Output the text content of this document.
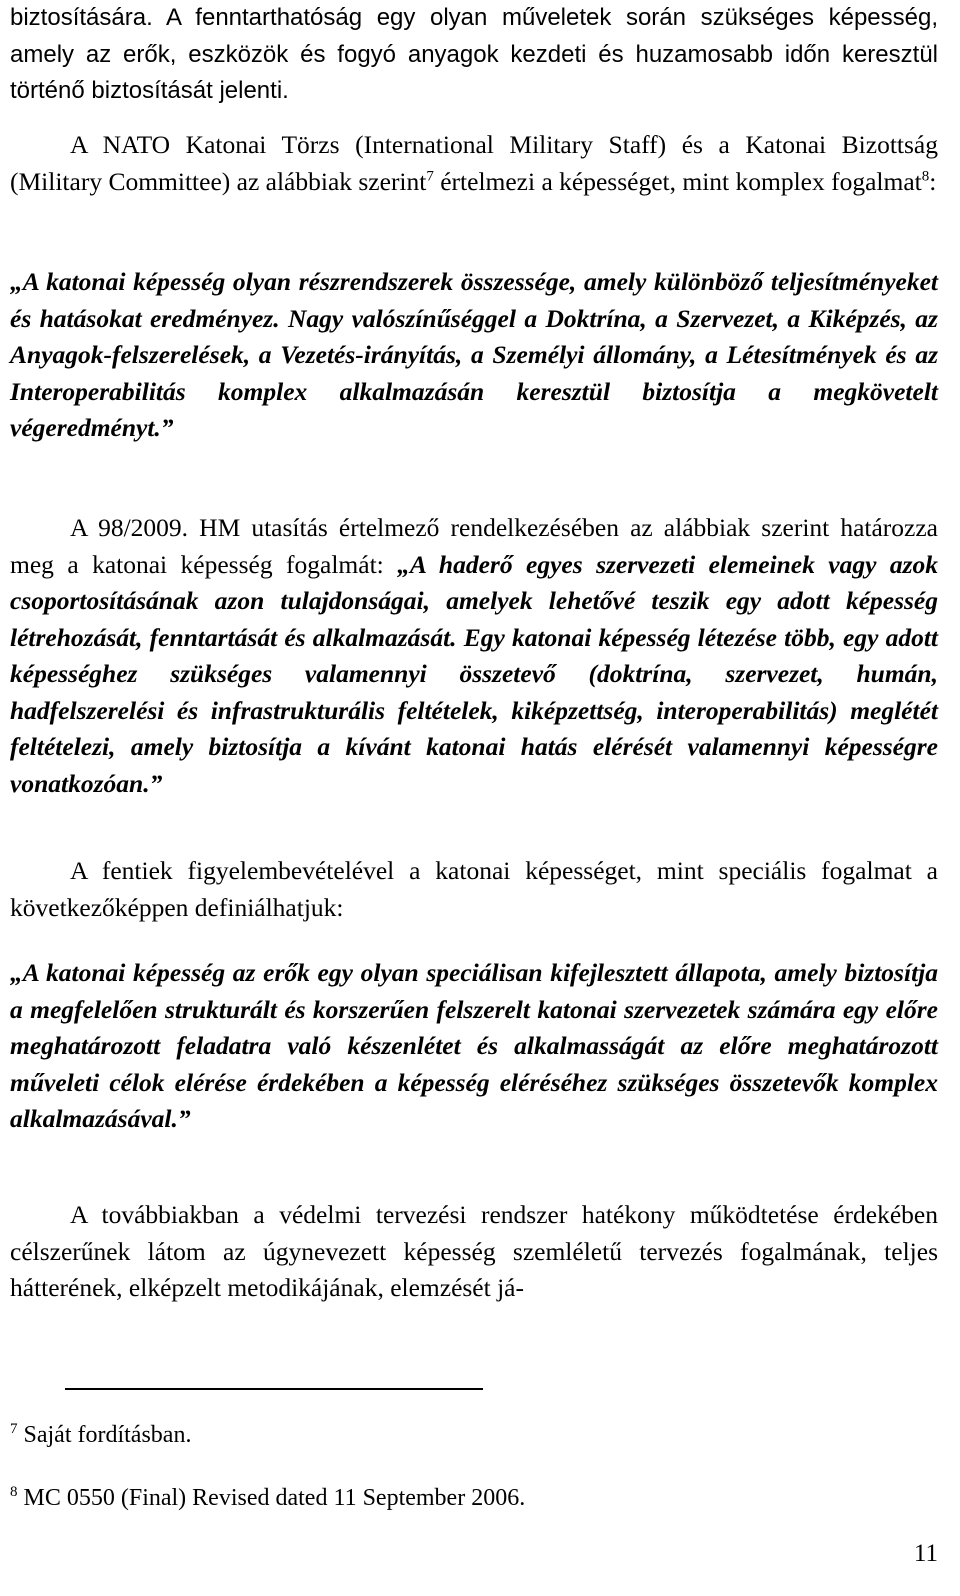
biztosítására. A fenntarthatóság egy olyan műveletek során szükséges képesség, amely az erők, eszközök és fogyó anyagok kezdeti és huzamosabb időn keresztül történő biztosítását jelenti.

A NATO Katonai Törzs (International Military Staff) és a Katonai Bizottság (Military Committee) az alábbiak szerint$^7$ értelmezi a képességet, mint komplex fogalmat$^8$:

„A katonai képesség olyan részrendszerek összessége, amely különböző teljesítményeket és hatásokat eredményez. Nagy valószínűséggel a Doktrína, a Szervezet, a Kiképzés, az Anyagok-felszerelések, a Vezetés-irányítás, a Személyi állomány, a Létesítmények és az Interoperabilitás komplex alkalmazásán keresztül biztosítja a megkövetelt végeredményt.”

A 98/2009. HM utasítás értelmező rendelkezésében az alábbiak szerint határozza meg a katonai képesség fogalmát: „A haderő egyes szervezeti elemeinek vagy azok csoportosításának azon tulajdonságai, amelyek lehetővé teszik egy adott képesség létrehozását, fenntartását és alkalmazását. Egy katonai képesség létezése több, egy adott képességhez szükséges valamennyi összetevő (doktrína, szervezet, humán, hadfelszerelési és infrastrukturális feltételek, kiképzettség, interoperabilitás) meglétét feltételezi, amely biztosítja a kívánt katonai hatás elérését valamennyi képességre vonatkozóan.”

A fentiek figyelembevételével a katonai képességet, mint speciális fogalmat a következőképpen definiálhatjuk:

„A katonai képesség az erők egy olyan speciálisan kifejlesztett állapota, amely biztosítja a megfelelően strukturált és korszerűen felszerelt katonai szervezetek számára egy előre meghatározott feladatra való készenlétet és alkalmasságát az előre meghatározott műveleti célok elérése érdekében a képesség eléréséhez szükséges összetevők komplex alkalmazásával.”

A továbbiakban a védelmi tervezési rendszer hatékony működtetése érdekében célszerűnek látom az úgynevezett képesség szemléletű tervezés fogalmának, teljes hátterének, elképzelt metodikájának, elemzését já-

$^7$ Saját fordításban.
$^8$ MC 0550 (Final) Revised dated 11 September 2006.
11
